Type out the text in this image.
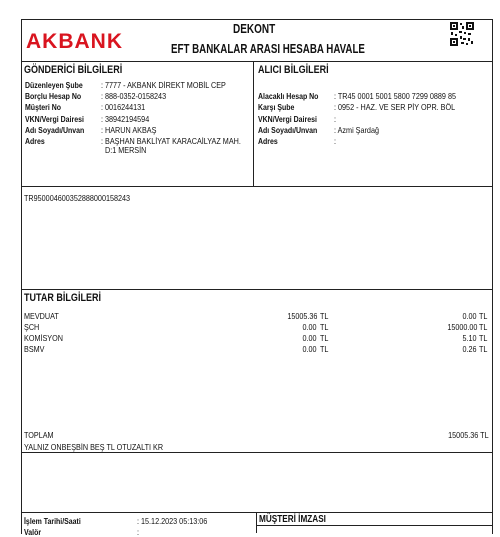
AKBANK
DEKONT
EFT BANKALAR ARASI HESABA HAVALE
GÖNDERİCİ BİLGİLERİ	ALICI BİLGİLERİ
Düzenleyen Şube : 7777 - AKBANK DİREKT MOBİL CEP
Borçlu Hesap No : 888-0352-0158243
Müşteri No	: 0016244131
VKN/Vergi Dairesi : 38942194594
Adı Soyadı/Unvan : HARUN AKBAŞ
Adres	: BAŞHAN BAKLİYAT KARACAİLYAZ MAH.
D:1 MERSİN
Alacaklı Hesap No : TR45 0001 5001 5800 7299 0889 85
Karşı Şube	: 0952 - HAZ. VE SER PİY OPR. BÖL
VKN/Vergi Dairesi :
Adı Soyadı/Unvan : Azmi Şardağ
Adres	:
TR950004600352888000158243
TUTAR BİLGİLERİ
MEVDUAT	15005.36 TL	0.00 TL
ŞCH	0.00 TL	15000.00 TL
KOMİSYON	0.00 TL	5.10 TL
BSMV	0.00 TL	0.26 TL
TOPLAM	15005.36 TL
YALNIZ ONBEŞBİN BEŞ TL OTUZALTI KR
İşlem Tarihi/Saati	: 15.12.2023 05:13:06
Valör	:
MÜŞTERİ İMZASI
